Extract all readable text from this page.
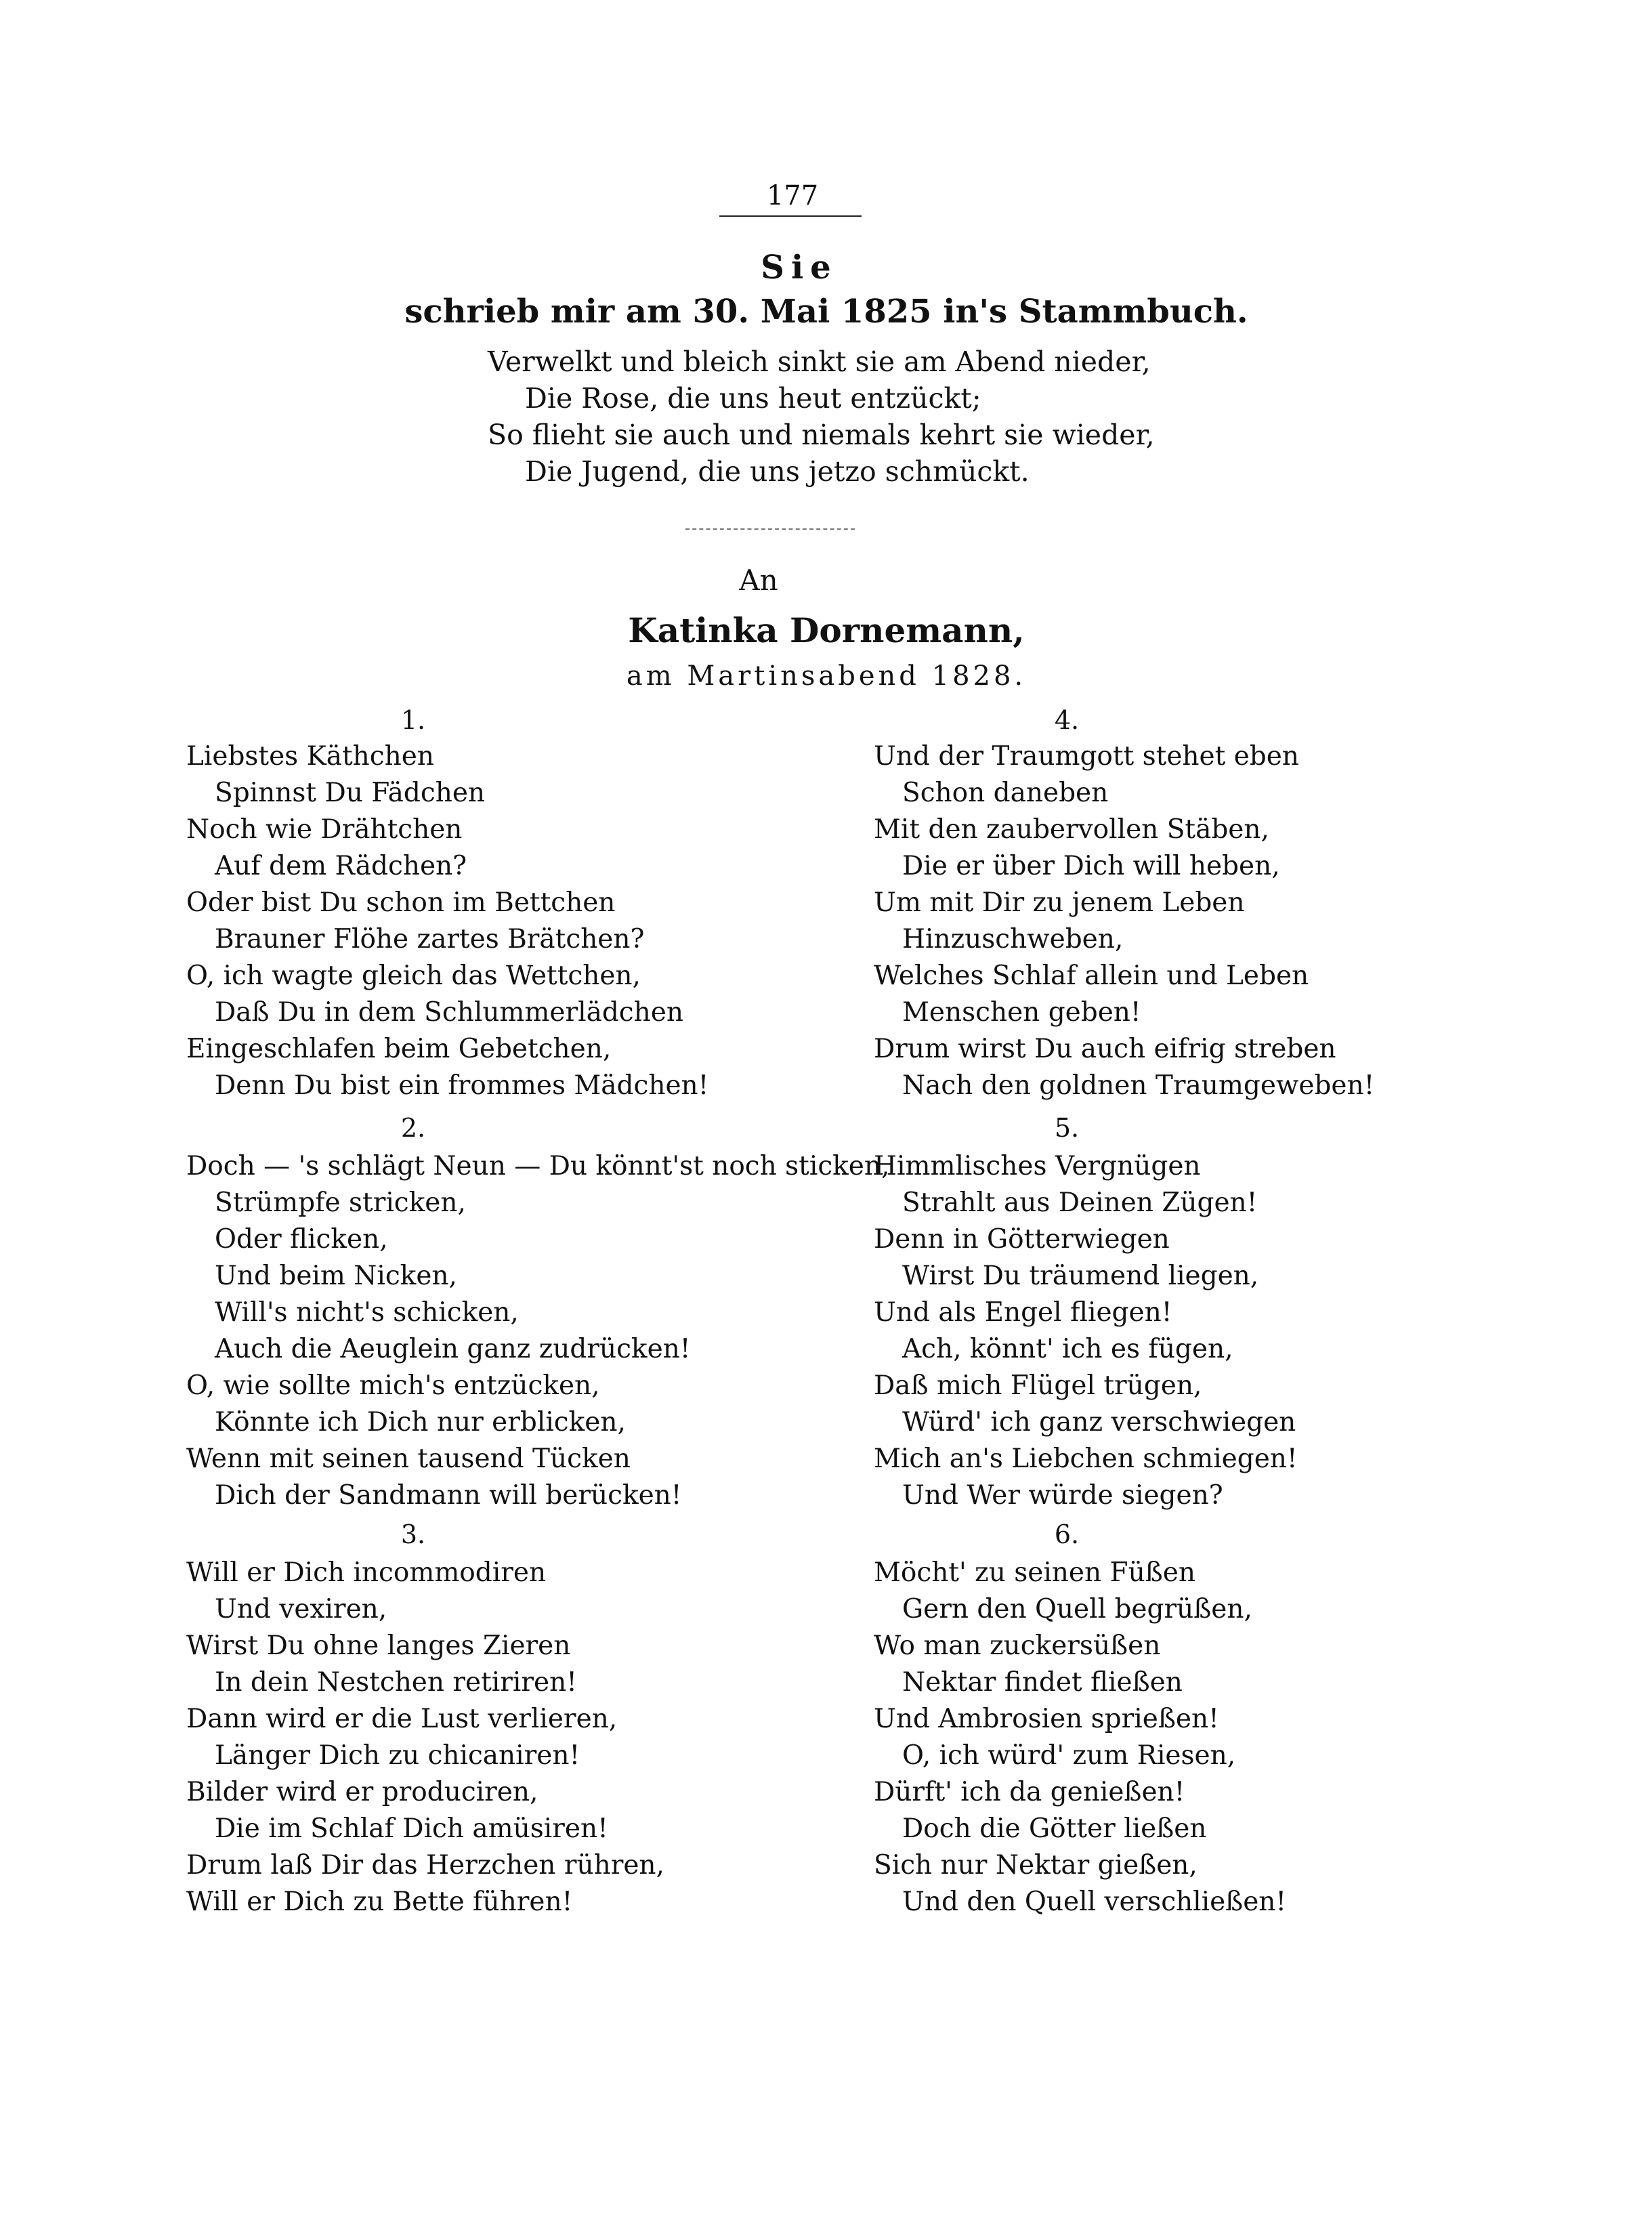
177
Sie
schrieb mir am 30. Mai 1825 in's Stammbuch.
Verwelkt und bleich sinkt sie am Abend nieder,
Die Rose, die uns heut entzückt;
So flieht sie auch und niemals kehrt sie wieder,
Die Jugend, die uns jetzo schmückt.
An
Katinka Dornemann,
am Martinsabend 1828.
1.
Liebstes Käthchen
Spinnst Du Fädchen
Noch wie Drähtchen
Auf dem Rädchen?
Oder bist Du schon im Bettchen
Brauner Flöhe zartes Brätchen?
O, ich wagte gleich das Wettchen,
Daß Du in dem Schlummerlädchen
Eingeschlafen beim Gebetchen,
Denn Du bist ein frommes Mädchen!
2.
Doch — 's schlägt Neun — Du könnt'st noch sticken,
Strümpfe stricken,
Oder flicken,
Und beim Nicken,
Will's nicht's schicken,
Auch die Aeuglein ganz zudrücken!
O, wie sollte mich's entzücken,
Könnte ich Dich nur erblicken,
Wenn mit seinen tausend Tücken
Dich der Sandmann will berücken!
3.
Will er Dich incommodiren
Und vexiren,
Wirst Du ohne langes Zieren
In dein Nestchen retiriren!
Dann wird er die Lust verlieren,
Länger Dich zu chicaniren!
Bilder wird er produciren,
Die im Schlaf Dich amüsiren!
Drum laß Dir das Herzchen rühren,
Will er Dich zu Bette führen!
4.
Und der Traumgott stehet eben
Schon daneben
Mit den zaubervollen Stäben,
Die er über Dich will heben,
Um mit Dir zu jenem Leben
Hinzuschweben,
Welches Schlaf allein und Leben
Menschen geben!
Drum wirst Du auch eifrig streben
Nach den goldnen Traumgeweben!
5.
Himmlisches Vergnügen
Strahlt aus Deinen Zügen!
Denn in Götterwiegen
Wirst Du träumend liegen,
Und als Engel fliegen!
Ach, könnt' ich es fügen,
Daß mich Flügel trügen,
Würd' ich ganz verschwiegen
Mich an's Liebchen schmiegen!
Und Wer würde siegen?
6.
Möcht' zu seinen Füßen
Gern den Quell begrüßen,
Wo man zuckersüßen
Nektar findet fließen
Und Ambrosien sprießen!
O, ich würd' zum Riesen,
Dürft' ich da genießen!
Doch die Götter ließen
Sich nur Nektar gießen,
Und den Quell verschließen!
